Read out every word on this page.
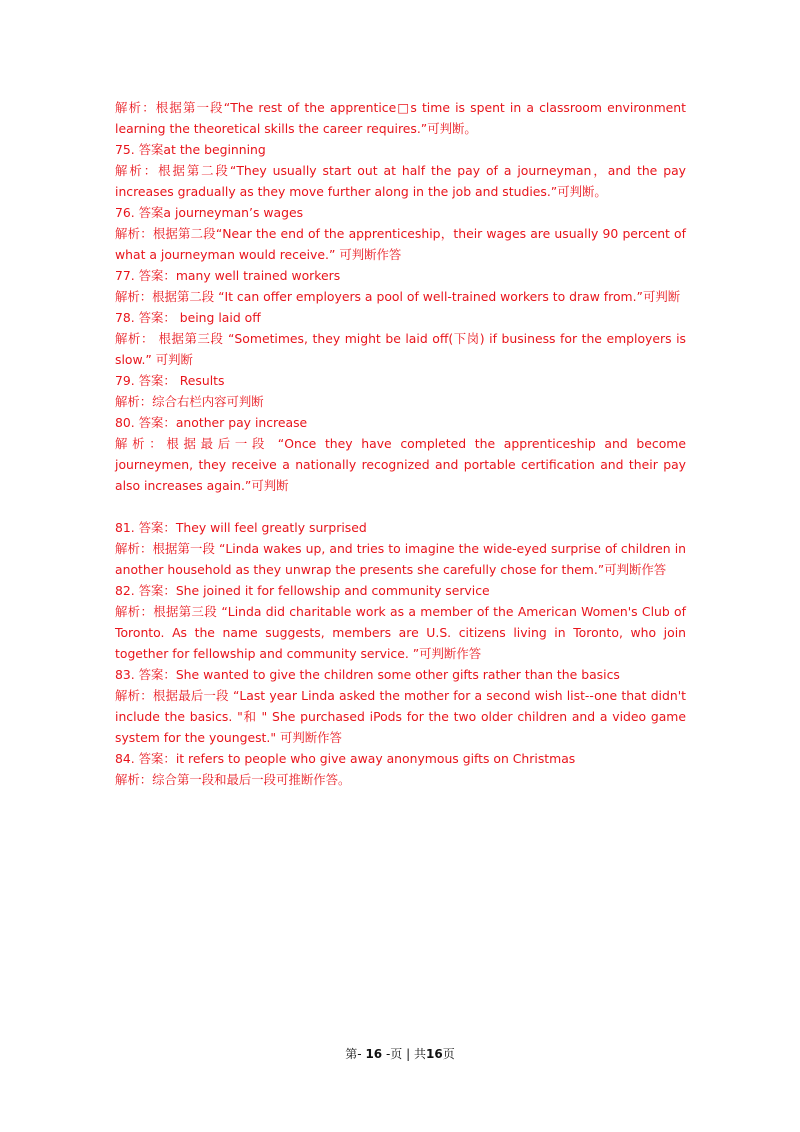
解析：根据第一段“The rest of the apprentice□s time is spent in a classroom environment learning the theoretical skills the career requires.”可判断。

75. 答案at the beginning

解析：根据第二段“They usually start out at half the pay of a journeyman，and the pay increases gradually as they move further along in the job and studies.”可判断。

76. 答案a journeyman’s wages

解析：根据第二段“Near the end of the apprenticeship，their wages are usually 90 percent of what a journeyman would receive.” 可判断作答

77. 答案：many well trained workers

解析：根据第二段 “It can offer employers a pool of well-trained workers to draw from.”可判断

78. 答案： being laid off

解析： 根据第三段 “Sometimes, they might be laid off(下岗) if business for the employers is slow.” 可判断

79. 答案： Results

解析：综合右栏内容可判断

80. 答案：another pay increase

解析：根据最后一段 “Once they have completed the apprenticeship and become journeymen, they receive a nationally recognized and portable certification and their pay also increases again.”可判断

81. 答案：They will feel greatly surprised

解析：根据第一段 “Linda wakes up, and tries to imagine the wide-eyed surprise of children in another household as they unwrap the presents she carefully chose for them.”可判断作答

82. 答案：She joined it for fellowship and community service

解析：根据第三段 “Linda did charitable work as a member of the American Women's Club of Toronto. As the name suggests, members are U.S. citizens living in Toronto, who join together for fellowship and community service. ”可判断作答

83. 答案：She wanted to give the children some other gifts rather than the basics

解析：根据最后一段 “Last year Linda asked the mother for a second wish list--one that didn't include the basics. "和 " She purchased iPods for the two older children and a video game system for the youngest." 可判断作答

84. 答案：it refers to people who give away anonymous gifts on Christmas

解析：综合第一段和最后一段可推断作答。

第- 16 -页 | 共16页
